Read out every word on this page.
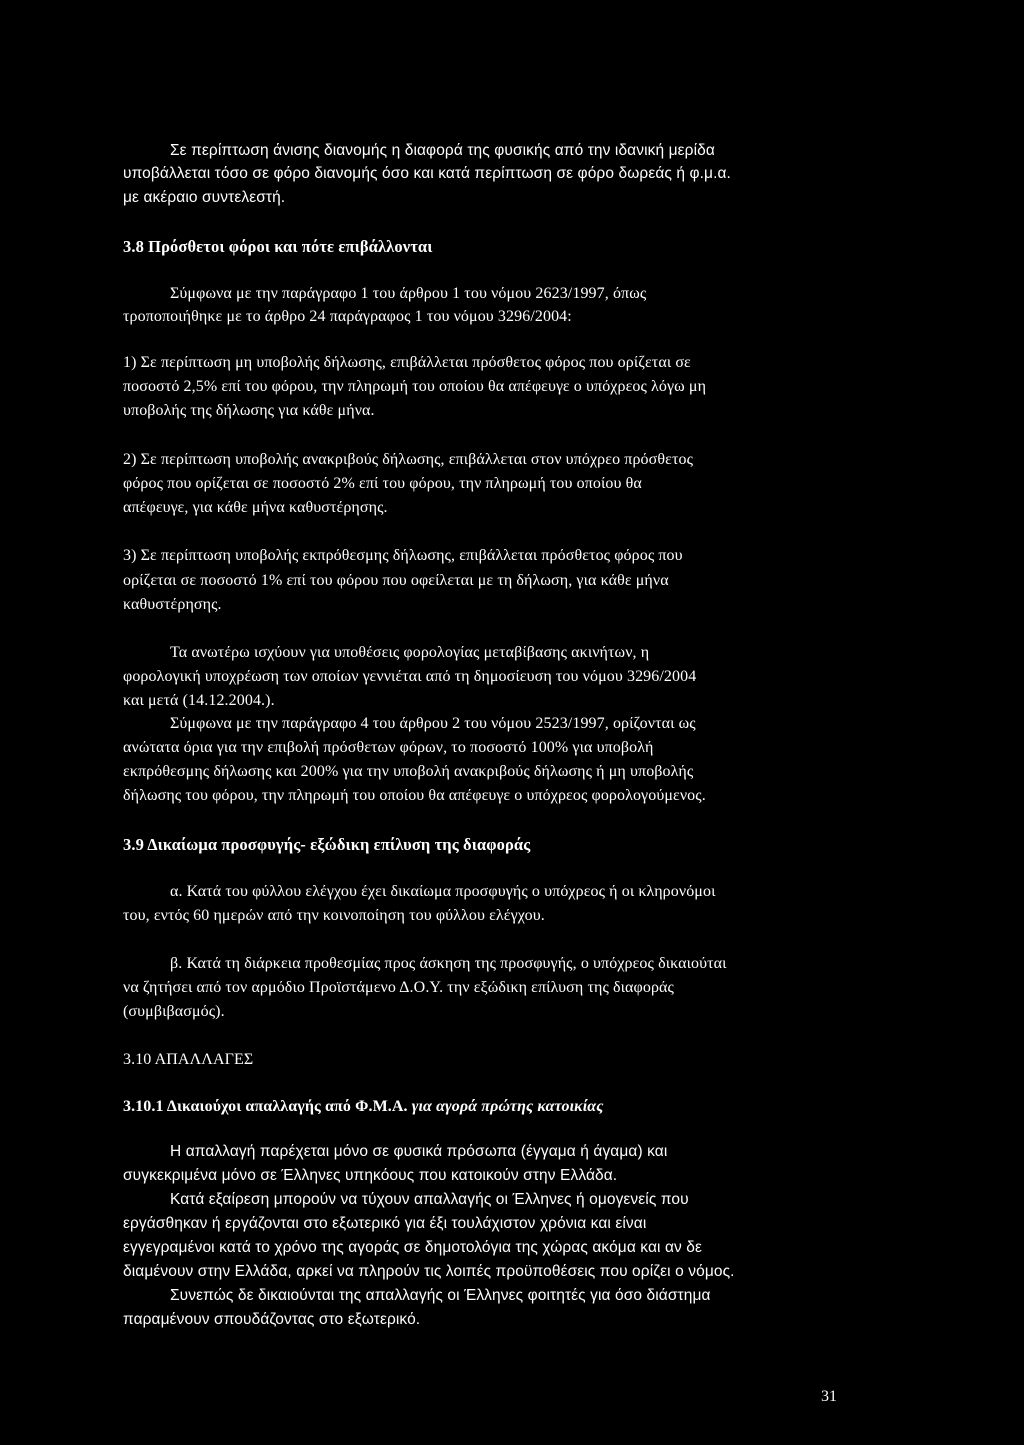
Σε περίπτωση άνισης διανομής η διαφορά της φυσικής από την ιδανική μερίδα
υποβάλλεται τόσο σε φόρο διανομής όσο και κατά περίπτωση σε φόρο δωρεάς ή φ.μ.α.
με ακέραιο συντελεστή.
3.8 Πρόσθετοι φόροι και πότε επιβάλλονται
Σύμφωνα με την παράγραφο 1 του άρθρου 1 του νόμου 2623/1997, όπως
τροποποιήθηκε με το άρθρο 24 παράγραφος 1 του νόμου 3296/2004:
1) Σε περίπτωση μη υποβολής δήλωσης, επιβάλλεται πρόσθετος φόρος που ορίζεται σε
ποσοστό 2,5% επί του φόρου, την πληρωμή του οποίου θα απέφευγε ο υπόχρεος λόγω μη
υποβολής της δήλωσης για κάθε μήνα.
2) Σε περίπτωση υποβολής ανακριβούς δήλωσης, επιβάλλεται στον υπόχρεο πρόσθετος
φόρος που ορίζεται σε ποσοστό 2% επί του φόρου, την πληρωμή του οποίου θα
απέφευγε, για κάθε μήνα καθυστέρησης.
3) Σε περίπτωση υποβολής εκπρόθεσμης δήλωσης, επιβάλλεται πρόσθετος φόρος που
ορίζεται σε ποσοστό 1% επί του φόρου που οφείλεται με τη δήλωση, για κάθε μήνα
καθυστέρησης.
Τα ανωτέρω ισχύουν για υποθέσεις φορολογίας μεταβίβασης ακινήτων, η
φορολογική υποχρέωση των οποίων γεννιέται από τη δημοσίευση του νόμου 3296/2004
και μετά (14.12.2004.).
Σύμφωνα με την παράγραφο 4 του άρθρου 2 του νόμου 2523/1997, ορίζονται ως
ανώτατα όρια για την επιβολή πρόσθετων φόρων, το ποσοστό 100% για υποβολή
εκπρόθεσμης δήλωσης και 200% για την υποβολή ανακριβούς δήλωσης ή μη υποβολής
δήλωσης του φόρου, την πληρωμή του οποίου θα απέφευγε ο υπόχρεος φορολογούμενος.
3.9 Δικαίωμα προσφυγής- εξώδικη επίλυση της διαφοράς
α. Κατά του φύλλου ελέγχου έχει δικαίωμα προσφυγής ο υπόχρεος ή οι κληρονόμοι
του, εντός 60 ημερών από την κοινοποίηση του φύλλου ελέγχου.
β. Κατά τη διάρκεια προθεσμίας προς άσκηση της προσφυγής, ο υπόχρεος δικαιούται
να ζητήσει από τον αρμόδιο Προϊστάμενο Δ.Ο.Υ. την εξώδικη επίλυση της διαφοράς
(συμβιβασμός).
3.10 ΑΠΑΛΛΑΓΕΣ
3.10.1 Δικαιούχοι απαλλαγής από Φ.Μ.Α. για αγορά πρώτης κατοικίας
Η απαλλαγή παρέχεται μόνο σε φυσικά πρόσωπα (έγγαμα ή άγαμα) και
συγκεκριμένα μόνο σε Έλληνες υπηκόους που κατοικούν στην Ελλάδα.
Κατά εξαίρεση μπορούν να τύχουν απαλλαγής οι Έλληνες ή ομογενείς που
εργάσθηκαν ή εργάζονται στο εξωτερικό για έξι τουλάχιστον χρόνια και είναι
εγγεγραμένοι κατά το χρόνο της αγοράς σε δημοτολόγια της χώρας ακόμα και αν δε
διαμένουν στην Ελλάδα, αρκεί να πληρούν τις λοιπές προϋποθέσεις που ορίζει ο νόμος.
Συνεπώς δε δικαιούνται της απαλλαγής οι Έλληνες φοιτητές για όσο διάστημα
παραμένουν σπουδάζοντας στο εξωτερικό.
31
